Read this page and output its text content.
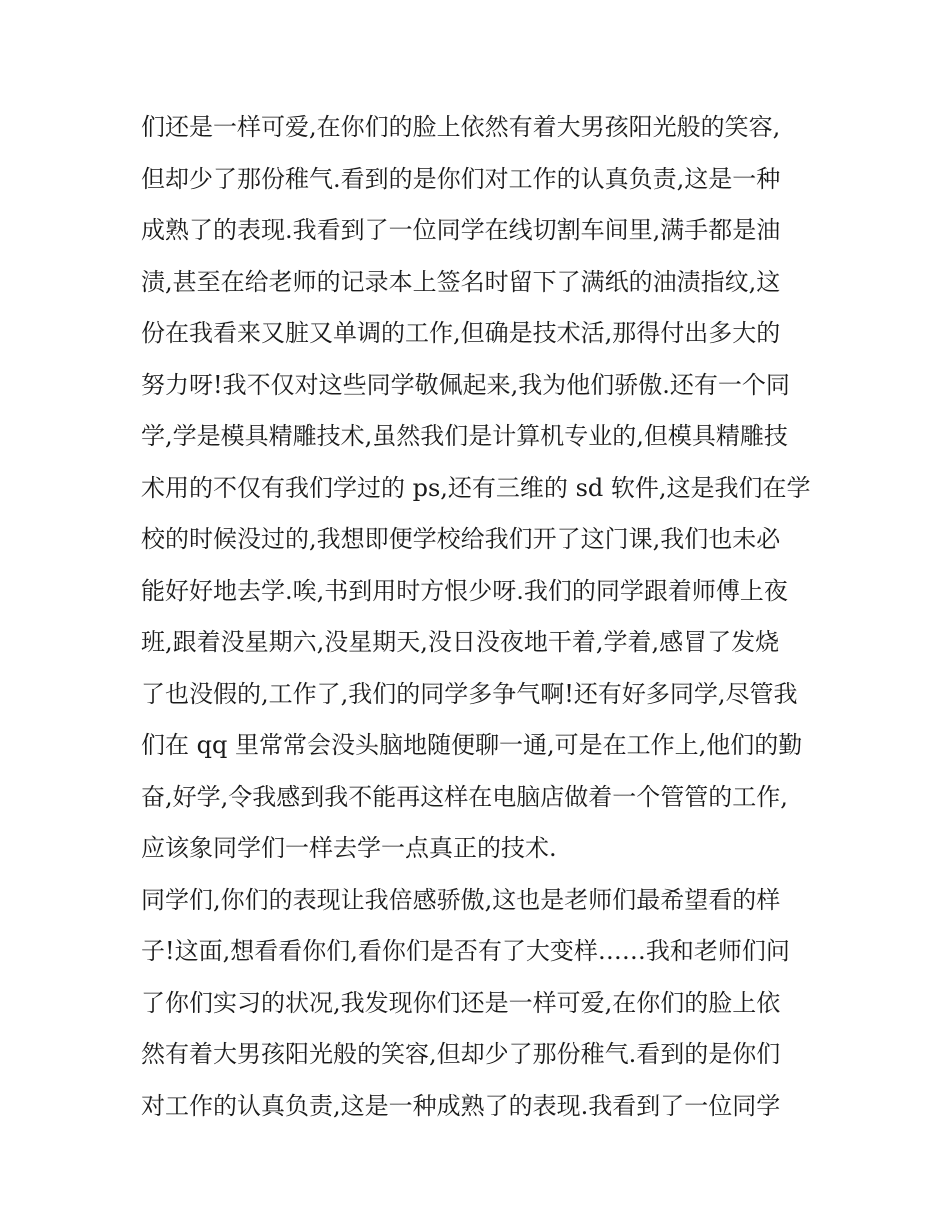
们还是一样可爱,在你们的脸上依然有着大男孩阳光般的笑容,
但却少了那份稚气.看到的是你们对工作的认真负责,这是一种
成熟了的表现.我看到了一位同学在线切割车间里,满手都是油
渍,甚至在给老师的记录本上签名时留下了满纸的油渍指纹,这
份在我看来又脏又单调的工作,但确是技术活,那得付出多大的
努力呀!我不仅对这些同学敬佩起来,我为他们骄傲.还有一个同
学,学是模具精雕技术,虽然我们是计算机专业的,但模具精雕技
术用的不仅有我们学过的 ps,还有三维的 sd 软件,这是我们在学
校的时候没过的,我想即便学校给我们开了这门课,我们也未必
能好好地去学.唉,书到用时方恨少呀.我们的同学跟着师傅上夜
班,跟着没星期六,没星期天,没日没夜地干着,学着,感冒了发烧
了也没假的,工作了,我们的同学多争气啊!还有好多同学,尽管我
们在 qq 里常常会没头脑地随便聊一通,可是在工作上,他们的勤
奋,好学,令我感到我不能再这样在电脑店做着一个管管的工作,
应该象同学们一样去学一点真正的技术.
同学们,你们的表现让我倍感骄傲,这也是老师们最希望看的样
子!这面,想看看你们,看你们是否有了大变样……我和老师们问
了你们实习的状况,我发现你们还是一样可爱,在你们的脸上依
然有着大男孩阳光般的笑容,但却少了那份稚气.看到的是你们
对工作的认真负责,这是一种成熟了的表现.我看到了一位同学
